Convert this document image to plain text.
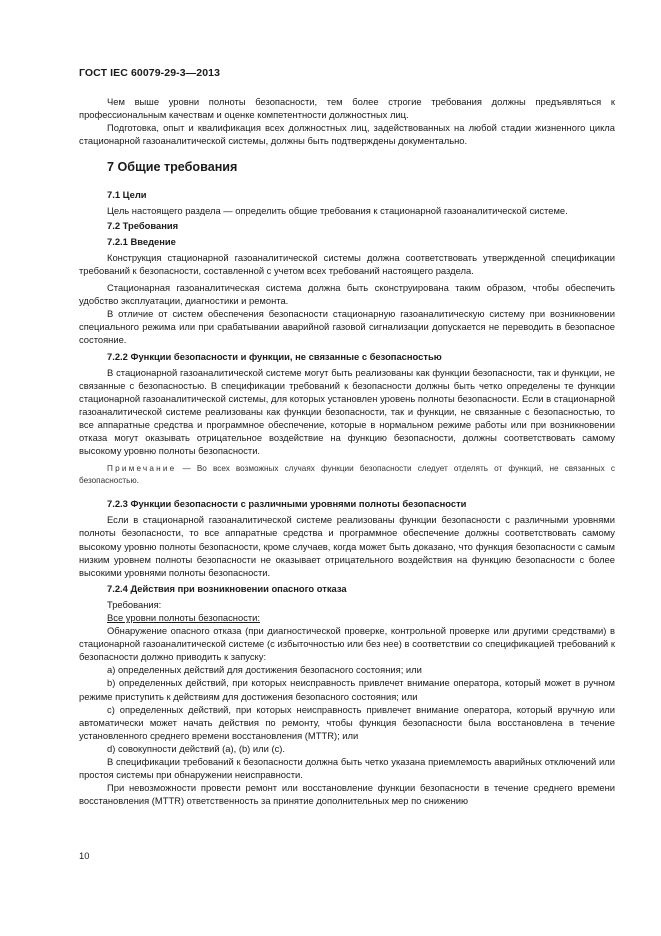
ГОСТ IEC 60079-29-3—2013

Чем выше уровни полноты безопасности, тем более строгие требования должны предъявляться к профессиональным качествам и оценке компетентности должностных лиц.

Подготовка, опыт и квалификация всех должностных лиц, задействованных на любой стадии жизненного цикла стационарной газоаналитической системы, должны быть подтверждены документально.

7 Общие требования
7.1 Цели

Цель настоящего раздела — определить общие требования к стационарной газоаналитической системе.

7.2 Требования
7.2.1 Введение

Конструкция стационарной газоаналитической системы должна соответствовать утвержденной спецификации требований к безопасности, составленной с учетом всех требований настоящего раздела.

Стационарная газоаналитическая система должна быть сконструирована таким образом, чтобы обеспечить удобство эксплуатации, диагностики и ремонта.

В отличие от систем обеспечения безопасности стационарную газоаналитическую систему при возникновении специального режима или при срабатывании аварийной газовой сигнализации допускается не переводить в безопасное состояние.

7.2.2 Функции безопасности и функции, не связанные с безопасностью

В стационарной газоаналитической системе могут быть реализованы как функции безопасности, так и функции, не связанные с безопасностью. В спецификации требований к безопасности должны быть четко определены те функции стационарной газоаналитической системы, для которых установлен уровень полноты безопасности. Если в стационарной газоаналитической системе реализованы как функции безопасности, так и функции, не связанные с безопасностью, то все аппаратные средства и программное обеспечение, которые в нормальном режиме работы или при возникновении отказа могут оказывать отрицательное воздействие на функцию безопасности, должны соответствовать самому высокому уровню полноты безопасности.

Примечание — Во всех возможных случаях функции безопасности следует отделять от функций, не связанных с безопасностью.

7.2.3 Функции безопасности с различными уровнями полноты безопасности

Если в стационарной газоаналитической системе реализованы функции безопасности с различными уровнями полноты безопасности, то все аппаратные средства и программное обеспечение должны соответствовать самому высокому уровню полноты безопасности, кроме случаев, когда может быть доказано, что функция безопасности с самым низким уровнем полноты безопасности не оказывает отрицательного воздействия на функцию безопасности с более высокими уровнями полноты безопасности.

7.2.4 Действия при возникновении опасного отказа

Требования:

Все уровни полноты безопасности:

Обнаружение опасного отказа (при диагностической проверке, контрольной проверке или другими средствами) в стационарной газоаналитической системе (с избыточностью или без нее) в соответствии со спецификацией требований к безопасности должно приводить к запуску:

a) определенных действий для достижения безопасного состояния; или

b) определенных действий, при которых неисправность привлечет внимание оператора, который может в ручном режиме приступить к действиям для достижения безопасного состояния; или

c) определенных действий, при которых неисправность привлечет внимание оператора, который вручную или автоматически может начать действия по ремонту, чтобы функция безопасности была восстановлена в течение установленного среднего времени восстановления (MTTR); или

d) совокупности действий (а), (b) или (с).

В спецификации требований к безопасности должна быть четко указана приемлемость аварийных отключений или простоя системы при обнаружении неисправности.

При невозможности провести ремонт или восстановление функции безопасности в течение среднего времени восстановления (MTTR) ответственность за принятие дополнительных мер по снижению

10
